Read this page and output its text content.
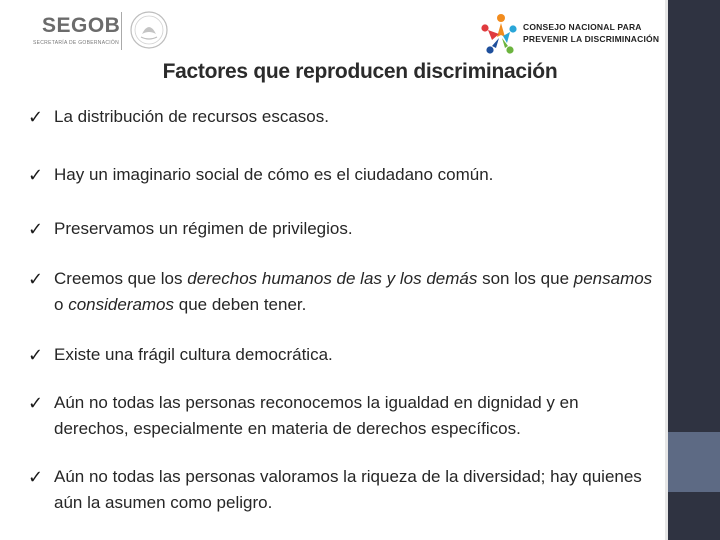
SEGOB
SECRETARÍA DE GOBERNACIÓN
CONSEJO NACIONAL PARA
PREVENIR LA DISCRIMINACIÓN
Factores que reproducen discriminación
✓ La distribución de recursos escasos.
✓ Hay un imaginario social de cómo es el ciudadano común.
✓ Preservamos un régimen de privilegios.
✓ Creemos que los derechos humanos de las y los demás son los que pensamos o consideramos que deben tener.
✓ Existe una frágil cultura democrática.
✓ Aún no todas las personas reconocemos la igualdad en dignidad y en derechos, especialmente en materia de derechos específicos.
✓ Aún no todas las personas valoramos la riqueza de la diversidad; hay quienes aún la asumen como peligro.
